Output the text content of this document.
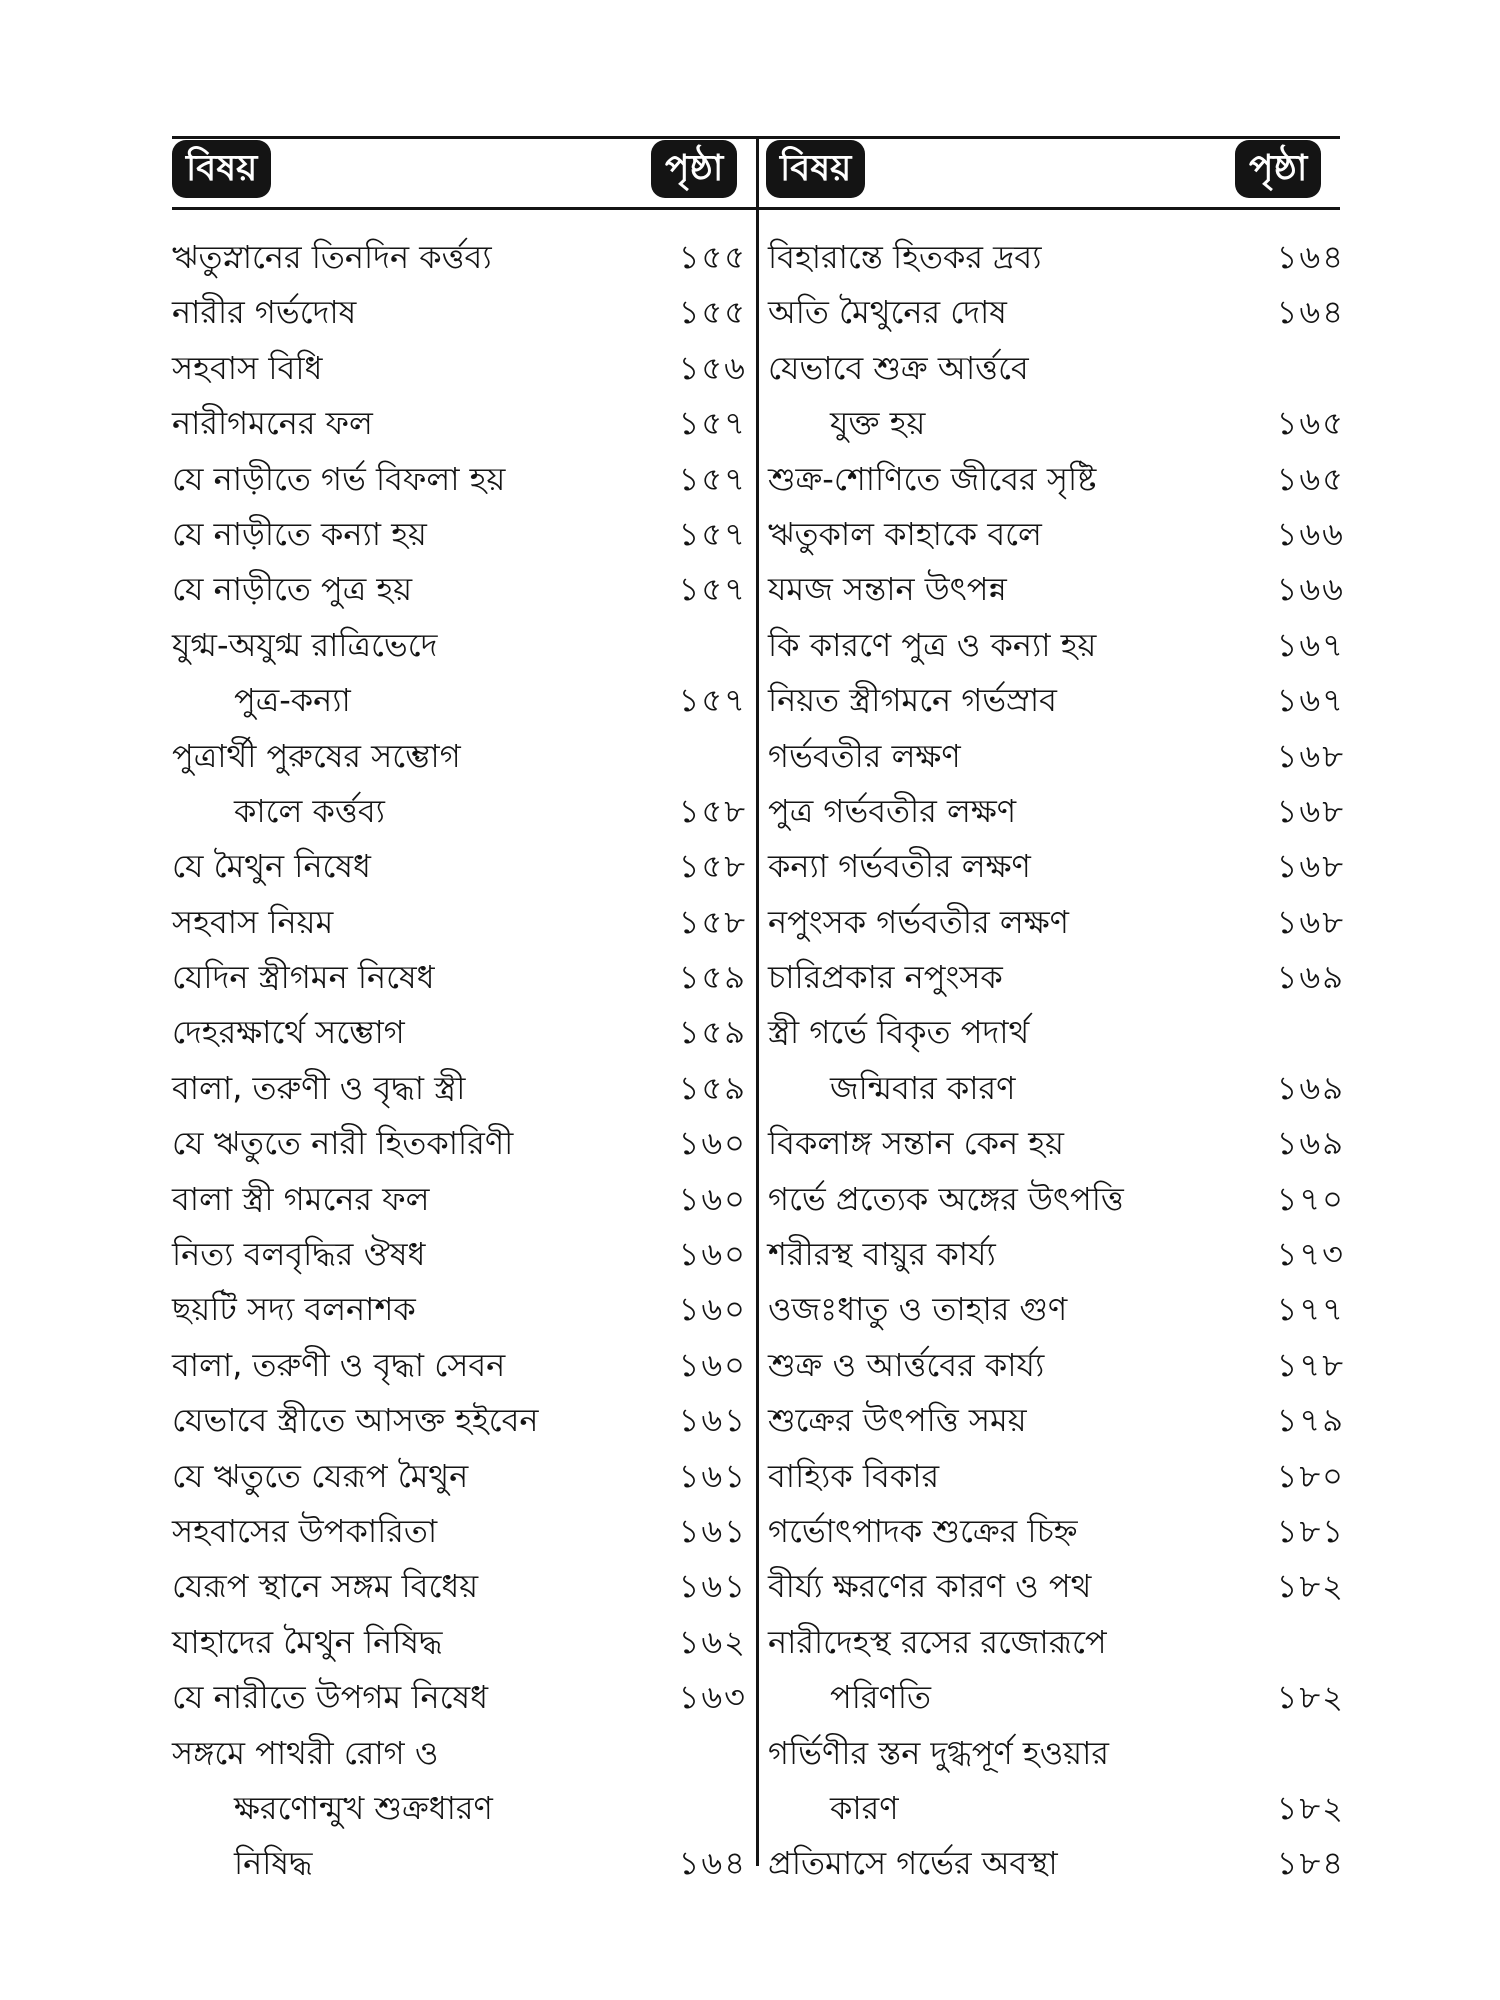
বিষয়	পৃষ্ঠা	বিষয়	পৃষ্ঠা
ঋতুস্নানের তিনদিন কর্ত্তব্য	১৫৫
নারীর গর্ভদোষ	১৫৫
সহবাস বিধি	১৫৬
নারীগমনের ফল	১৫৭
যে নাড়ীতে গর্ভ বিফলা হয়	১৫৭
যে নাড়ীতে কন্যা হয়	১৫৭
যে নাড়ীতে পুত্র হয়	১৫৭
যুগ্ম-অযুগ্ম রাত্রিভেদে
পুত্র-কন্যা	১৫৭
পুত্রার্থী পুরুষের সম্ভোগ
কালে কর্ত্তব্য	১৫৮
যে মৈথুন নিষেধ	১৫৮
সহবাস নিয়ম	১৫৮
যেদিন স্ত্রীগমন নিষেধ	১৫৯
দেহরক্ষার্থে সম্ভোগ	১৫৯
বালা, তরুণী ও বৃদ্ধা স্ত্রী	১৫৯
যে ঋতুতে নারী হিতকারিণী	১৬০
বালা স্ত্রী গমনের ফল	১৬০
নিত্য বলবৃদ্ধির ঔষধ	১৬০
ছয়টি সদ্য বলনাশক	১৬০
বালা, তরুণী ও বৃদ্ধা সেবন	১৬০
যেভাবে স্ত্রীতে আসক্ত হইবেন	১৬১
যে ঋতুতে যেরূপ মৈথুন	১৬১
সহবাসের উপকারিতা	১৬১
যেরূপ স্থানে সঙ্গম বিধেয়	১৬১
যাহাদের মৈথুন নিষিদ্ধ	১৬২
যে নারীতে উপগম নিষেধ	১৬৩
সঙ্গমে পাথরী রোগ ও
ক্ষরণোন্মুখ শুক্রধারণ
নিষিদ্ধ	১৬৪
বিহারান্তে হিতকর দ্রব্য	১৬৪
অতি মৈথুনের দোষ	১৬৪
যেভাবে শুক্র আর্ত্তবে
যুক্ত হয়	১৬৫
শুক্র-শোণিতে জীবের সৃষ্টি	১৬৫
ঋতুকাল কাহাকে বলে	১৬৬
যমজ সন্তান উৎপন্ন	১৬৬
কি কারণে পুত্র ও কন্যা হয়	১৬৭
নিয়ত স্ত্রীগমনে গর্ভস্রাব	১৬৭
গর্ভবতীর লক্ষণ	১৬৮
পুত্র গর্ভবতীর লক্ষণ	১৬৮
কন্যা গর্ভবতীর লক্ষণ	১৬৮
নপুংসক গর্ভবতীর লক্ষণ	১৬৮
চারিপ্রকার নপুংসক	১৬৯
স্ত্রী গর্ভে বিকৃত পদার্থ
জন্মিবার কারণ	১৬৯
বিকলাঙ্গ সন্তান কেন হয়	১৬৯
গর্ভে প্রত্যেক অঙ্গের উৎপত্তি	১৭০
শরীরস্থ বায়ুর কার্য্য	১৭৩
ওজঃধাতু ও তাহার গুণ	১৭৭
শুক্র ও আর্ত্তবের কার্য্য	১৭৮
শুক্রের উৎপত্তি সময়	১৭৯
বাহ্যিক বিকার	১৮০
গর্ভোৎপাদক শুক্রের চিহ্ন	১৮১
বীর্য্য ক্ষরণের কারণ ও পথ	১৮২
নারীদেহস্থ রসের রজোরূপে
পরিণতি	১৮২
গর্ভিণীর স্তন দুগ্ধপূর্ণ হওয়ার
কারণ	১৮২
প্রতিমাসে গর্ভের অবস্থা	১৮৪
